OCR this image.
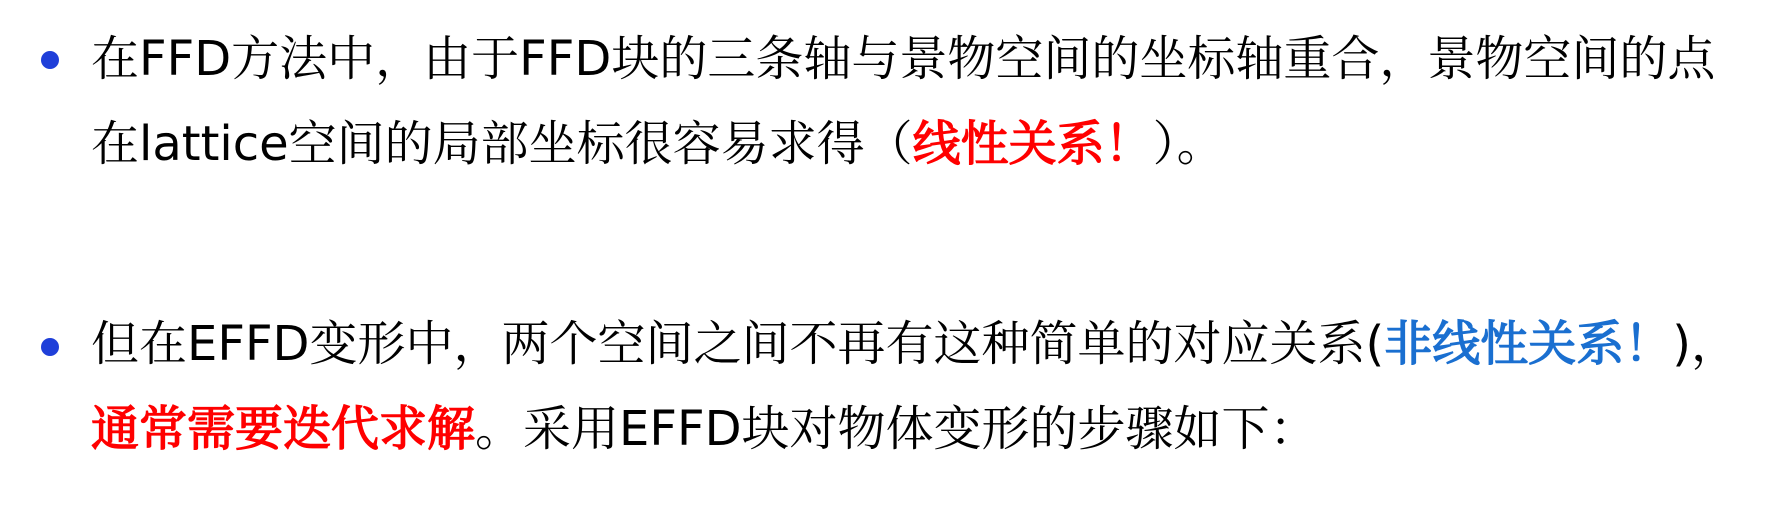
在FFD方法中，由于FFD块的三条轴与景物空间的坐标轴重合，景物空间的点
在lattice空间的局部坐标很容易求得（线性关系！）。
但在EFFD变形中，两个空间之间不再有这种简单的对应关系(非线性关系！)，
通常需要迭代求解。采用EFFD块对物体变形的步骤如下：
